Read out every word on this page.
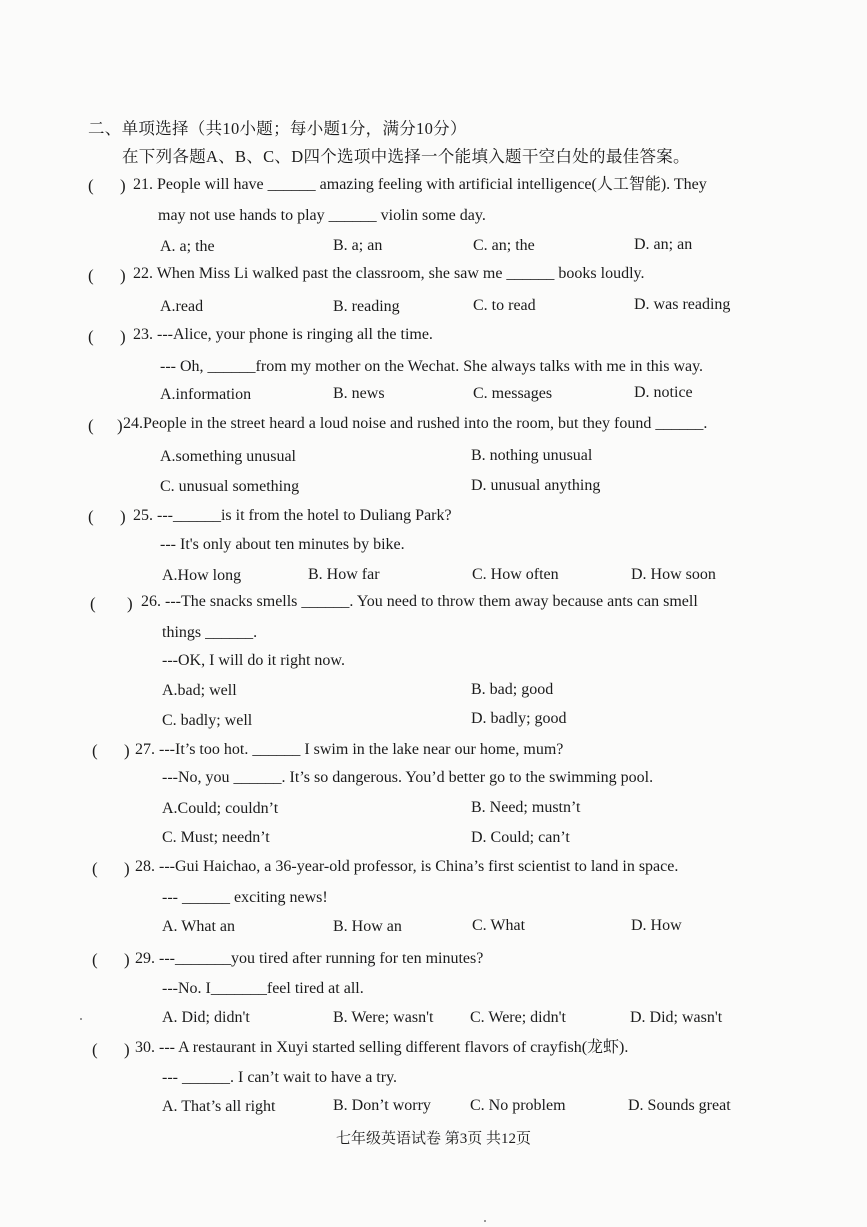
二、单项选择（共10小题；每小题1分，满分10分）
在下列各题A、B、C、D四个选项中选择一个能填入题干空白处的最佳答案。
( ) 21. People will have ______ amazing feeling with artificial intelligence(人工智能). They
may not use hands to play ______ violin some day.
A. a; the	B. a; an	C. an; the	D. an; an
( ) 22. When Miss Li walked past the classroom, she saw me ______ books loudly.
A.read	B. reading	C. to read	D. was reading
( ) 23. ---Alice, your phone is ringing all the time.
--- Oh, ______from my mother on the Wechat. She always talks with me in this way.
A.information	B. news	C. messages	D. notice
( ) 24.People in the street heard a loud noise and rushed into the room, but they found ______.
A.something unusual	B. nothing unusual
C. unusual something	D. unusual anything
( ) 25. ---______is it from the hotel to Duliang Park?
--- It's only about ten minutes by bike.
A.How long	B. How far	C. How often	D. How soon
( ) 26. ---The snacks smells ______. You need to throw them away because ants can smell
things ______.
---OK, I will do it right now.
A.bad; well	B. bad; good
C. badly; well	D. badly; good
( ) 27. ---It’s too hot. ______ I swim in the lake near our home, mum?
---No, you ______. It’s so dangerous. You’d better go to the swimming pool.
A.Could; couldn’t	B. Need; mustn’t
C. Must; needn’t	D. Could; can’t
( ) 28. ---Gui Haichao, a 36-year-old professor, is China’s first scientist to land in space.
--- ______ exciting news!
A. What an	B. How an	C. What	D. How
( ) 29. ---_______you tired after running for ten minutes?
---No. I_______feel tired at all.
A. Did; didn't	B. Were; wasn't C. Were; didn't	D. Did; wasn't
( ) 30. --- A restaurant in Xuyi started selling different flavors of crayfish(龙虾).
--- ______. I can’t wait to have a try.
A. That’s all right	B. Don’t worry C. No problem	D. Sounds great
七年级英语试卷 第3页 共12页
